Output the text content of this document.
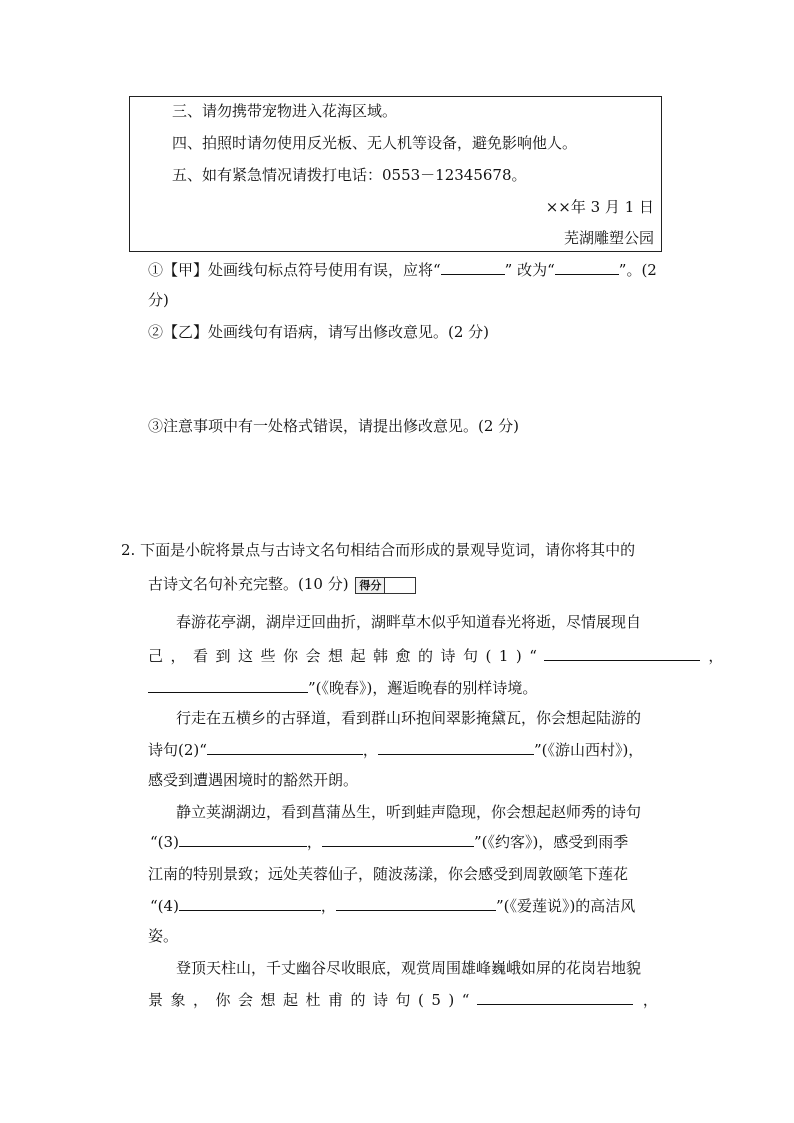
三、请勿携带宠物进入花海区域。
四、拍照时请勿使用反光板、无人机等设备，避免影响他人。
五、如有紧急情况请拨打电话：0553－12345678。
××年 3 月 1 日
芜湖雕塑公园
①【甲】处画线句标点符号使用有误，应将“	” 改为“	”。(2
分)
②【乙】处画线句有语病，请写出修改意见。(2 分)
③注意事项中有一处格式错误，请提出修改意见。(2 分)
2. 下面是小皖将景点与古诗文名句相结合而形成的景观导览词，请你将其中的
古诗文名句补充完整。(10 分) 得分
春游花亭湖，湖岸迂回曲折，湖畔草木似乎知道春光将逝，尽情展现自
己，看到这些你会想起韩愈的诗句(1)“	，
”(《晚春》)，邂逅晚春的别样诗境。
行走在五横乡的古驿道，看到群山环抱间翠影掩黛瓦，你会想起陆游的
诗句(2)“	，	”(《游山西村》)，
感受到遭遇困境时的豁然开朗。
静立荚湖湖边，看到菖蒲丛生，听到蛙声隐现，你会想起赵师秀的诗句
“(3)	，	”(《约客》)，感受到雨季
江南的特别景致；远处芙蓉仙子，随波荡漾，你会感受到周敦颐笔下莲花
“(4)	，	”(《爱莲说》)的高洁风
姿。
登顶天柱山，千丈幽谷尽收眼底，观赏周围雄峰巍峨如屏的花岗岩地貌
景象，你会想起杜甫的诗句(5)“	，
